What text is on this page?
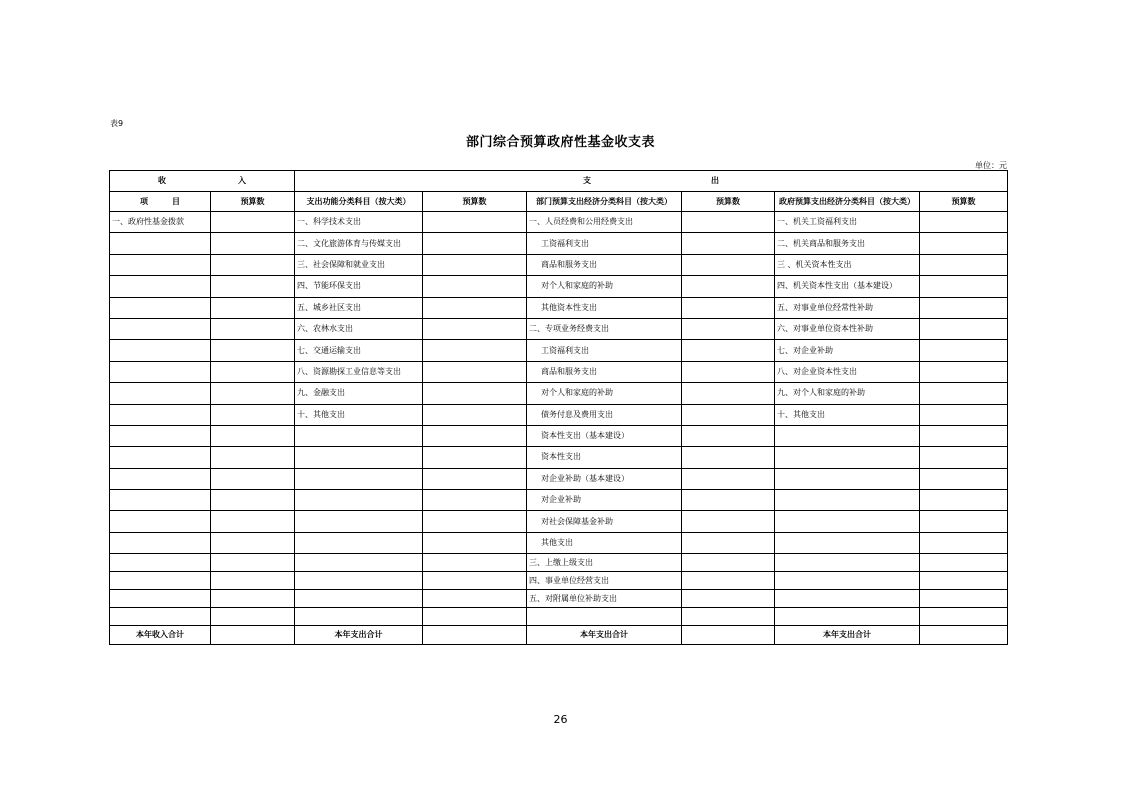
表9
部门综合预算政府性基金收支表
单位：元
收　　　　　　　　　入		支　　　　　　　　　　　　　　　出					
项　　　目	预算数	支出功能分类科目（按大类）	预算数	部门预算支出经济分类科目（按大类）	预算数	政府预算支出经济分类科目（按大类）	预算数
一、政府性基金拨款		一、科学技术支出		一、人员经费和公用经费支出		一、机关工资福利支出	
		二、文化旅游体育与传媒支出		工资福利支出		二、机关商品和服务支出	
		三、社会保障和就业支出		商品和服务支出		三 、机关资本性支出	
		四、节能环保支出		对个人和家庭的补助		四、机关资本性支出（基本建设）	
		五、城乡社区支出		其他资本性支出		五、对事业单位经常性补助	
		六、农林水支出		二、专项业务经费支出		六、对事业单位资本性补助	
		七、交通运输支出		工资福利支出		七、对企业补助	
		八、资源勘探工业信息等支出		商品和服务支出		八、对企业资本性支出	
		九、金融支出		对个人和家庭的补助		九、对个人和家庭的补助	
		十、其他支出		债务付息及费用支出		十、其他支出	
				资本性支出（基本建设）			
				资本性支出			
				对企业补助（基本建设）			
				对企业补助			
				对社会保障基金补助			
				其他支出			
				三、上缴上级支出			
				四、事业单位经营支出			
				五、对附属单位补助支出			

本年收入合计		本年支出合计		本年支出合计		本年支出合计	
26
